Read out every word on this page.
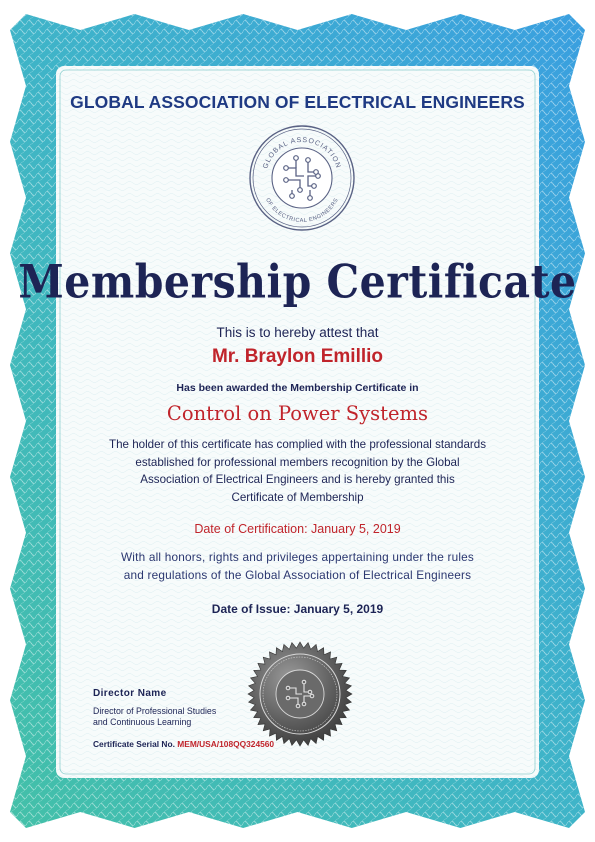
GLOBAL ASSOCIATION OF ELECTRICAL ENGINEERS
GLOBAL ASSOCIATION
OF ELECTRICAL ENGINEERS
Membership Certificate
This is to hereby attest that
Mr. Braylon Emillio
Has been awarded the Membership Certificate in
Control on Power Systems
The holder of this certificate has complied with the professional standards
established for professional members recognition by the Global
Association of Electrical Engineers and is hereby granted this
Certificate of Membership
Date of Certification: January 5, 2019
With all honors, rights and privileges appertaining under the rules
and regulations of the Global Association of Electrical Engineers
Date of Issue: January 5, 2019
Director Name
Director of Professional Studies
and Continuous Learning
Certificate Serial No. MEM/USA/108QQ324560
